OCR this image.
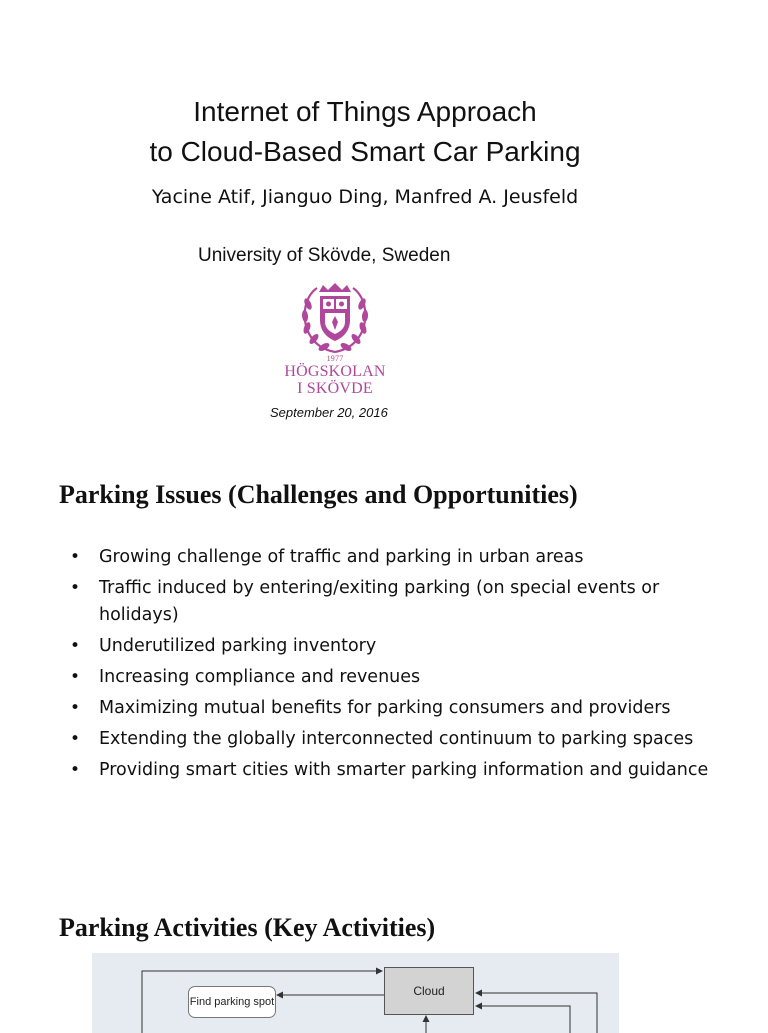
Internet of Things Approach
to Cloud-Based Smart Car Parking
Yacine Atif, Jianguo Ding, Manfred A. Jeusfeld
University of Skövde, Sweden
1977
HÖGSKOLAN
I SKÖVDE
September 20, 2016
Parking Issues (Challenges and Opportunities)
• Growing challenge of traffic and parking in urban areas
• Traffic induced by entering/exiting parking (on special events or holidays)
• Underutilized parking inventory
• Increasing compliance and revenues
• Maximizing mutual benefits for parking consumers and providers
• Extending the globally interconnected continuum to parking spaces
• Providing smart cities with smarter parking information and guidance
Parking Activities (Key Activities)
Find parking spot
Cloud
